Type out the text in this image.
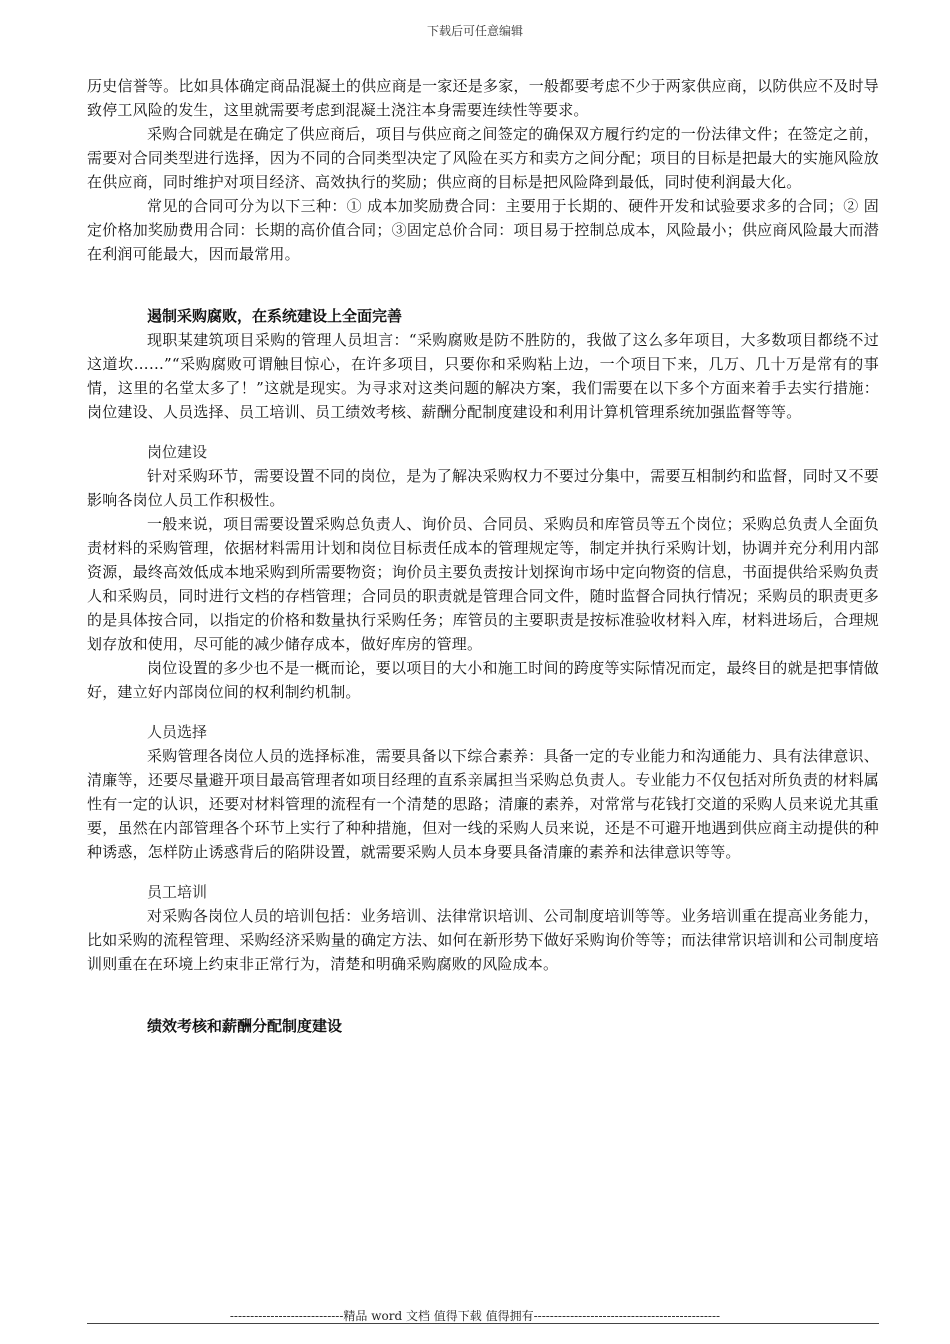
下载后可任意编辑

历史信誉等。比如具体确定商品混凝土的供应商是一家还是多家，一般都要考虑不少于两家供应商，以防供应不及时导致停工风险的发生，这里就需要考虑到混凝土浇注本身需要连续性等要求。

采购合同就是在确定了供应商后，项目与供应商之间签定的确保双方履行约定的一份法律文件；在签定之前，需要对合同类型进行选择，因为不同的合同类型决定了风险在买方和卖方之间分配；项目的目标是把最大的实施风险放在供应商，同时维护对项目经济、高效执行的奖励；供应商的目标是把风险降到最低，同时使利润最大化。

常见的合同可分为以下三种：① 成本加奖励费合同：主要用于长期的、硬件开发和试验要求多的合同；② 固定价格加奖励费用合同：长期的高价值合同；③固定总价合同：项目易于控制总成本，风险最小；供应商风险最大而潜在利润可能最大，因而最常用。

遏制采购腐败，在系统建设上全面完善

现职某建筑项目采购的管理人员坦言：“采购腐败是防不胜防的，我做了这么多年项目，大多数项目都绕不过这道坎……”“采购腐败可谓触目惊心，在许多项目，只要你和采购粘上边，一个项目下来，几万、几十万是常有的事情，这里的名堂太多了！”这就是现实。为寻求对这类问题的解决方案，我们需要在以下多个方面来着手去实行措施：岗位建设、人员选择、员工培训、员工绩效考核、薪酬分配制度建设和利用计算机管理系统加强监督等等。

岗位建设

针对采购环节，需要设置不同的岗位，是为了解决采购权力不要过分集中，需要互相制约和监督，同时又不要影响各岗位人员工作积极性。

一般来说，项目需要设置采购总负责人、询价员、合同员、采购员和库管员等五个岗位；采购总负责人全面负责材料的采购管理，依据材料需用计划和岗位目标责任成本的管理规定等，制定并执行采购计划，协调并充分利用内部资源，最终高效低成本地采购到所需要物资；询价员主要负责按计划探询市场中定向物资的信息，书面提供给采购负责人和采购员，同时进行文档的存档管理；合同员的职责就是管理合同文件，随时监督合同执行情况；采购员的职责更多的是具体按合同，以指定的价格和数量执行采购任务；库管员的主要职责是按标准验收材料入库，材料进场后，合理规划存放和使用，尽可能的减少储存成本，做好库房的管理。

岗位设置的多少也不是一概而论，要以项目的大小和施工时间的跨度等实际情况而定，最终目的就是把事情做好，建立好内部岗位间的权利制约机制。

人员选择

采购管理各岗位人员的选择标准，需要具备以下综合素养：具备一定的专业能力和沟通能力、具有法律意识、清廉等，还要尽量避开项目最高管理者如项目经理的直系亲属担当采购总负责人。专业能力不仅包括对所负责的材料属性有一定的认识，还要对材料管理的流程有一个清楚的思路；清廉的素养，对常常与花钱打交道的采购人员来说尤其重要，虽然在内部管理各个环节上实行了种种措施，但对一线的采购人员来说，还是不可避开地遇到供应商主动提供的种种诱惑，怎样防止诱惑背后的陷阱设置，就需要采购人员本身要具备清廉的素养和法律意识等等。

员工培训

对采购各岗位人员的培训包括：业务培训、法律常识培训、公司制度培训等等。业务培训重在提高业务能力，比如采购的流程管理、采购经济采购量的确定方法、如何在新形势下做好采购询价等等；而法律常识培训和公司制度培训则重在在环境上约束非正常行为，清楚和明确采购腐败的风险成本。

绩效考核和薪酬分配制度建设
----------------------------精品 word 文档 值得下载 值得拥有----------------------------------------------
